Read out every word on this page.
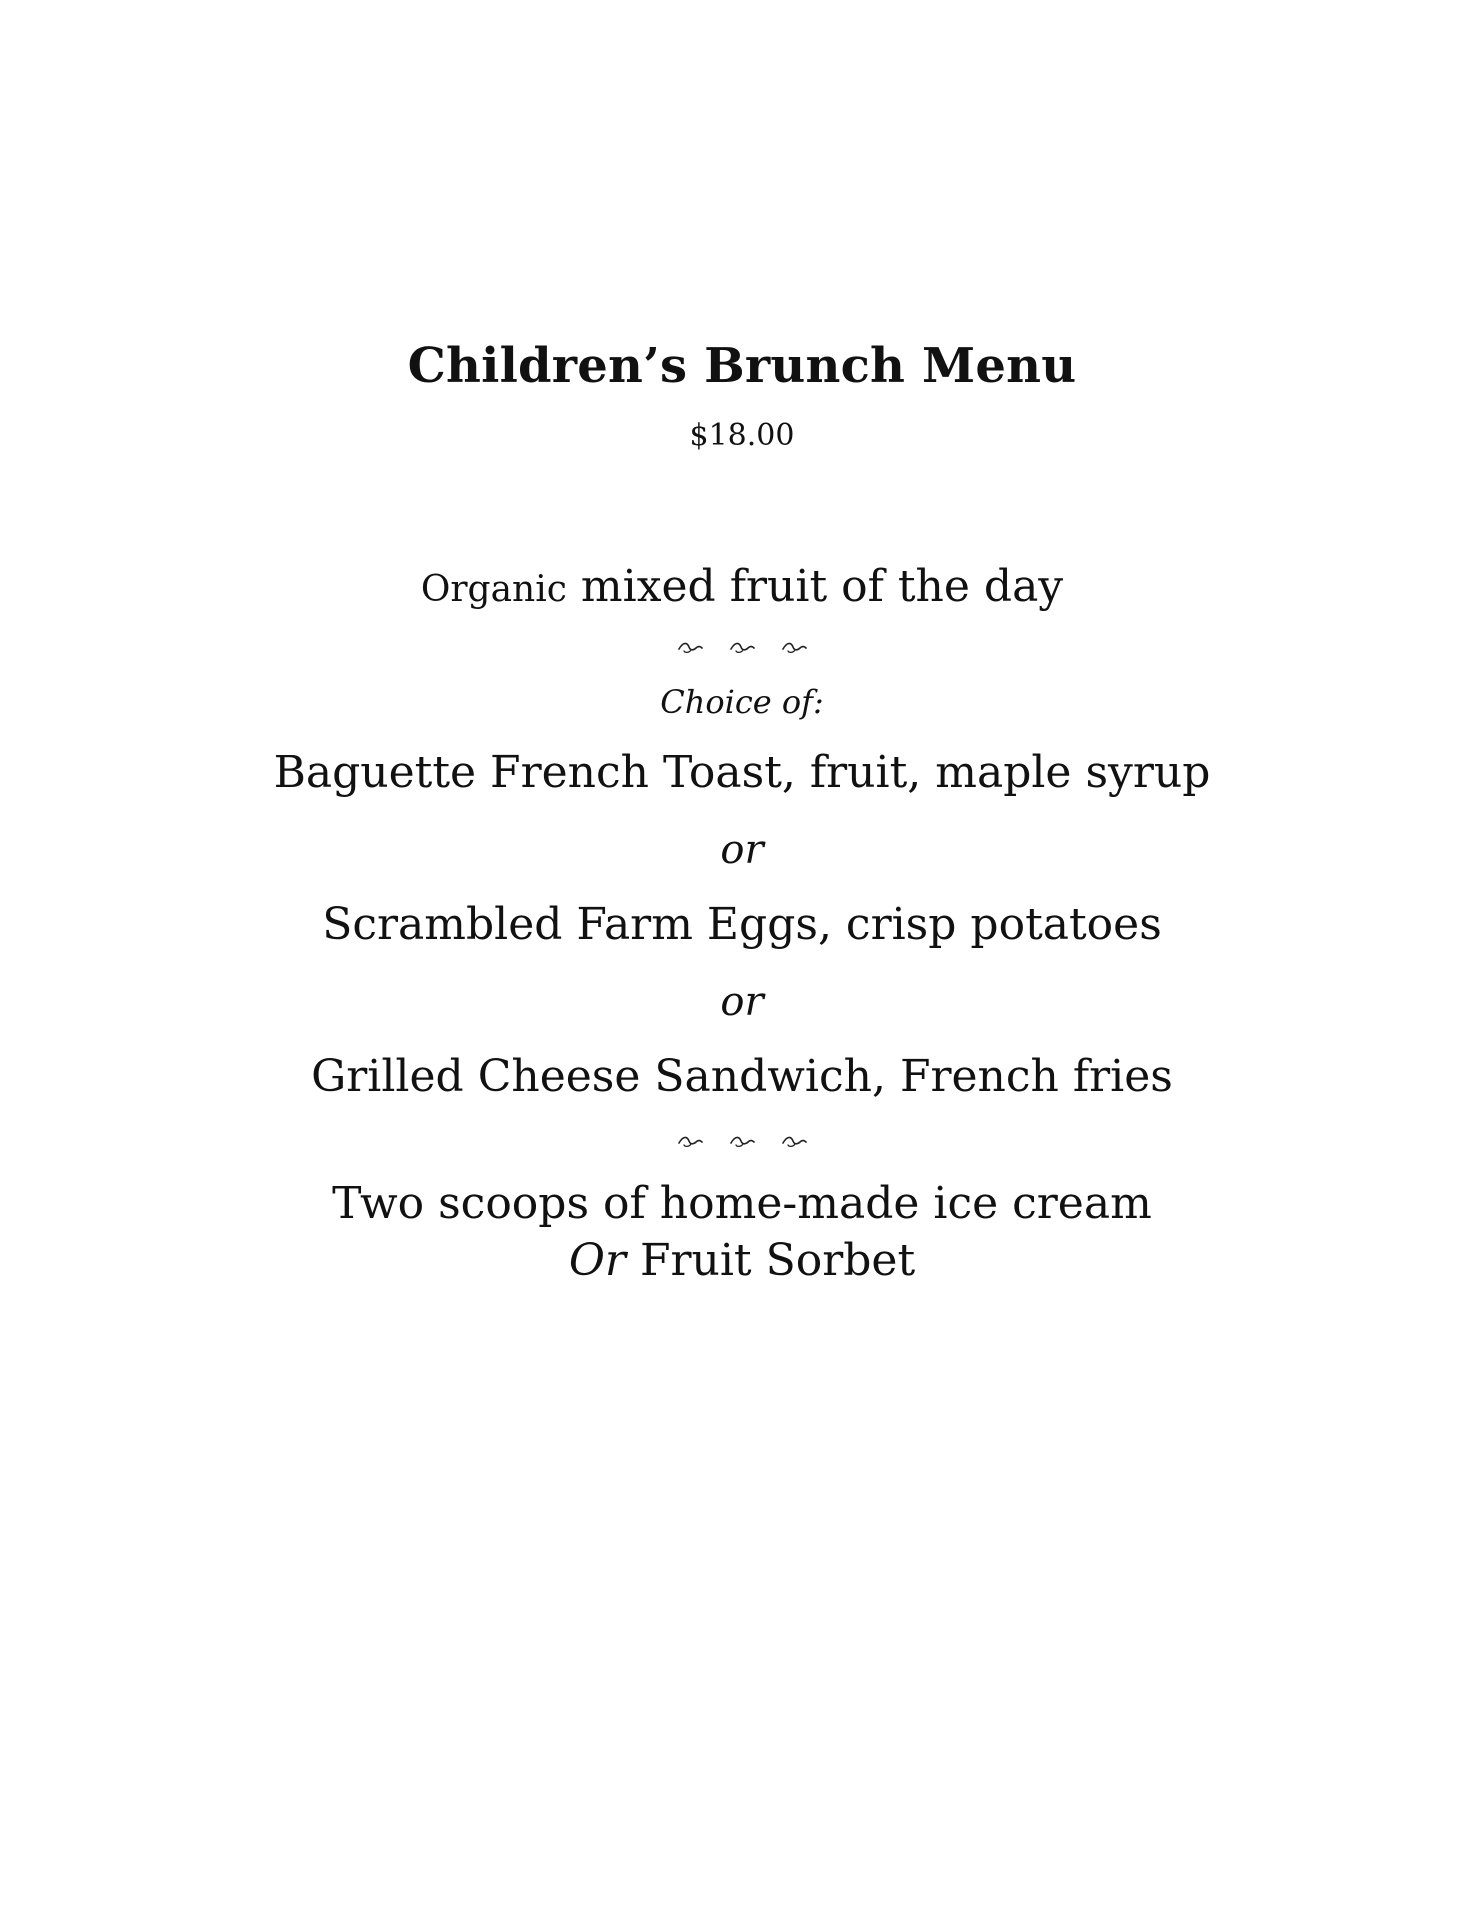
Children’s Brunch Menu
$18.00
Organic mixed fruit of the day
Choice of:
Baguette French Toast, fruit, maple syrup
or
Scrambled Farm Eggs, crisp potatoes
or
Grilled Cheese Sandwich, French fries
Two scoops of home-made ice cream
Or Fruit Sorbet
